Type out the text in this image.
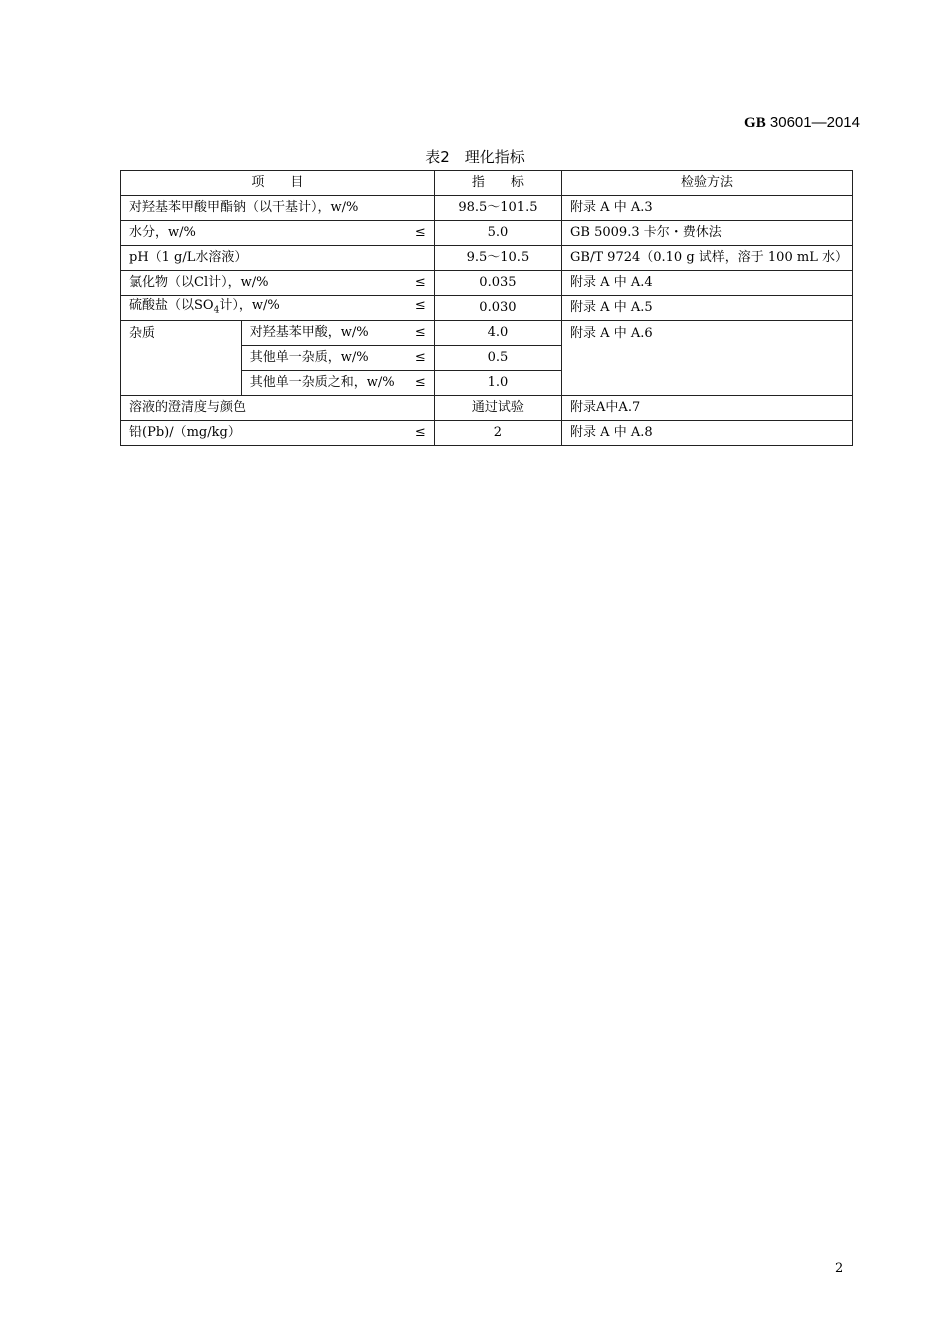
GB 30601—2014
表2　理化指标
项　　目		指　　标	检验方法
对羟基苯甲酸甲酯钠（以干基计），w/%		98.5～101.5	附录 A 中 A.3
水分，w/% ≤		5.0	GB 5009.3 卡尔・费休法
pH（1 g/L水溶液）		9.5～10.5	GB/T 9724（0.10 g 试样，溶于 100 mL 水）
氯化物（以Cl计），w/% ≤		0.035	附录 A 中 A.4
硫酸盐（以$SO_4$计），w/% ≤		0.030	附录 A 中 A.5
杂质	对羟基苯甲酸，w/% ≤	4.0	附录 A 中 A.6
	其他单一杂质，w/% ≤	0.5	
	其他单一杂质之和，w/% ≤	1.0	
溶液的澄清度与颜色		通过试验	附录A中A.7
铅(Pb)/（mg/kg） ≤		2	附录 A 中 A.8
2
